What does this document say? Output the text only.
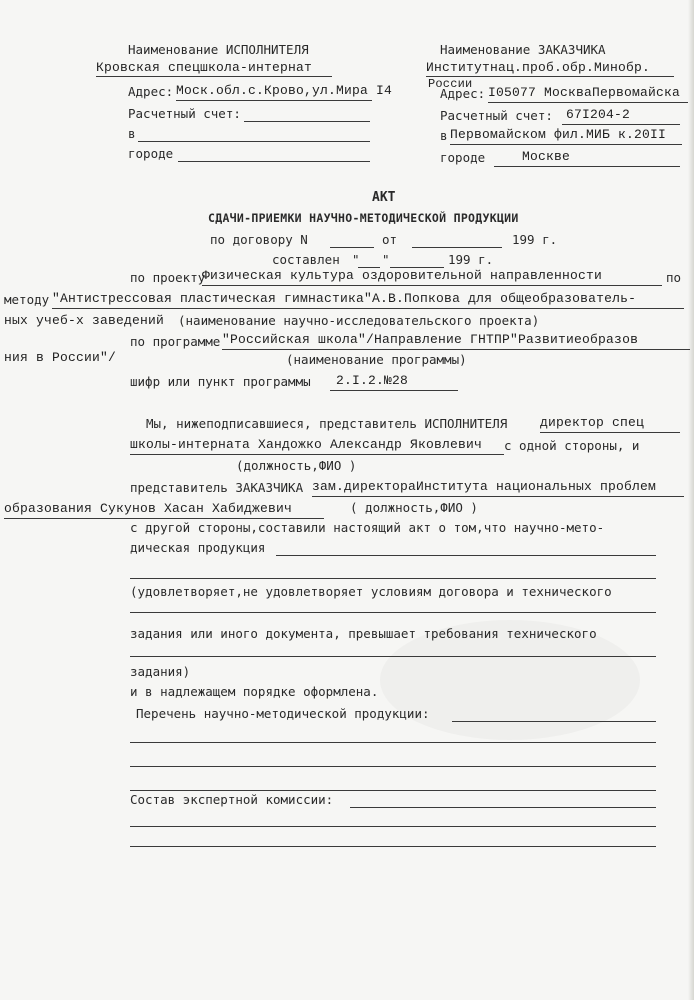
Наименование ИСПОЛНИТЕЛЯ
Кровская спецшкола-интернат
Адрес: Моск.обл.с.Кровo,ул.Мира I4
Расчетный счет:
в
городе
Наименование ЗАКАЗЧИКА
Институтнац.проб.обр.Минобр.
России
Адрес: I05077 МоскваПервомайска
Расчетный счет: 67I204-2
в Первомайском фил.МИБ к.20II
городе	Москве
АКТ
СДАЧИ-ПРИЕМКИ НАУЧНО-МЕТОДИЧЕСКОЙ ПРОДУКЦИИ
по договору N	от	199 г.
составлен " "	199 г.
по проекту
Физическая культура оздоровительной направленности	по
методу "Антистрессовая пластическая гимнастика"А.В.Попкова для общеобразователь-
ных учеб-х заведений (наименование научно-исследовательского проекта)
по программе "Российская школа"/Направление ГНТПР"Развитиеобразов
ния в России"/	(наименование программы)
шифр или пункт программы 2.I.2.№28
Мы, нижеподписавшиеся, представитель ИСПОЛНИТЕЛЯ	директор спец
школы-интерната Хандожко Александр Яковлевич с одной стороны, и
(должность,ФИО )
представитель ЗАКАЗЧИКА зам.директораИнститута национальных проблем
образования Сукунов Хасан Хабиджевич	( должность,ФИО )
с другой стороны,составили настоящий акт о том,что научно-мето-
дическая продукция
(удовлетворяет,не удовлетворяет условиям договора и технического
задания или иного документа, превышает требования технического
задания)
и в надлежащем порядке оформлена.
Перечень научно-методической продукции:
Состав экспертной комиссии:
